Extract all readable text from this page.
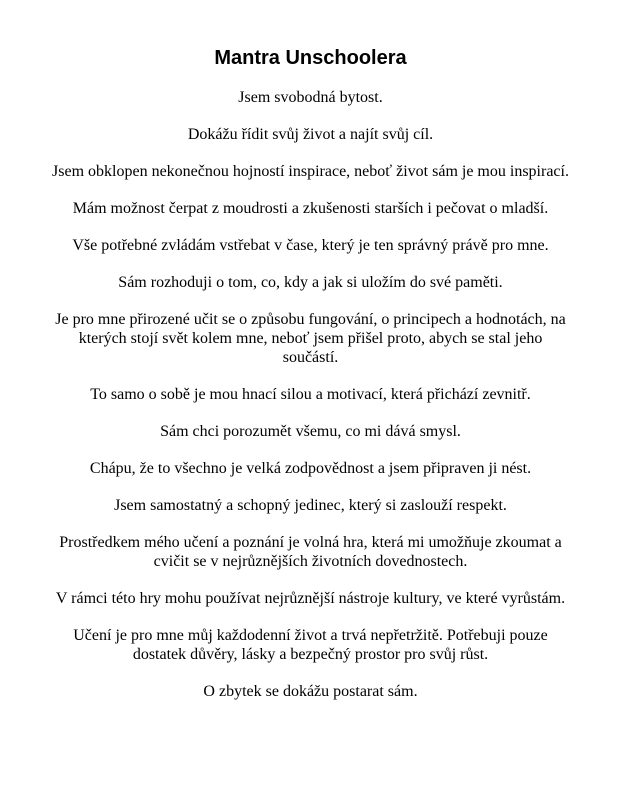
Mantra Unschoolera

Jsem svobodná bytost.

Dokážu řídit svůj život a najít svůj cíl.

Jsem obklopen nekonečnou hojností inspirace, neboť život sám je mou inspirací.

Mám možnost čerpat z moudrosti a zkušenosti starších i pečovat o mladší.

Vše potřebné zvládám vstřebat v čase, který je ten správný právě pro mne.

Sám rozhoduji o tom, co, kdy a jak si uložím do své paměti.

Je pro mne přirozené učit se o způsobu fungování, o principech a hodnotách, na kterých stojí svět kolem mne, neboť jsem přišel proto, abych se stal jeho součástí.

To samo o sobě je mou hnací silou a motivací, která přichází zevnitř.

Sám chci porozumět všemu, co mi dává smysl.

Chápu, že to všechno je velká zodpovědnost a jsem připraven ji nést.

Jsem samostatný a schopný jedinec, který si zaslouží respekt.

Prostředkem mého učení a poznání je volná hra, která mi umožňuje zkoumat a cvičit se v nejrůznějších životních dovednostech.

V rámci této hry mohu používat nejrůznější nástroje kultury, ve které vyrůstám.

Učení je pro mne můj každodenní život a trvá nepřetržitě. Potřebuji pouze dostatek důvěry, lásky a bezpečný prostor pro svůj růst.

O zbytek se dokážu postarat sám.
